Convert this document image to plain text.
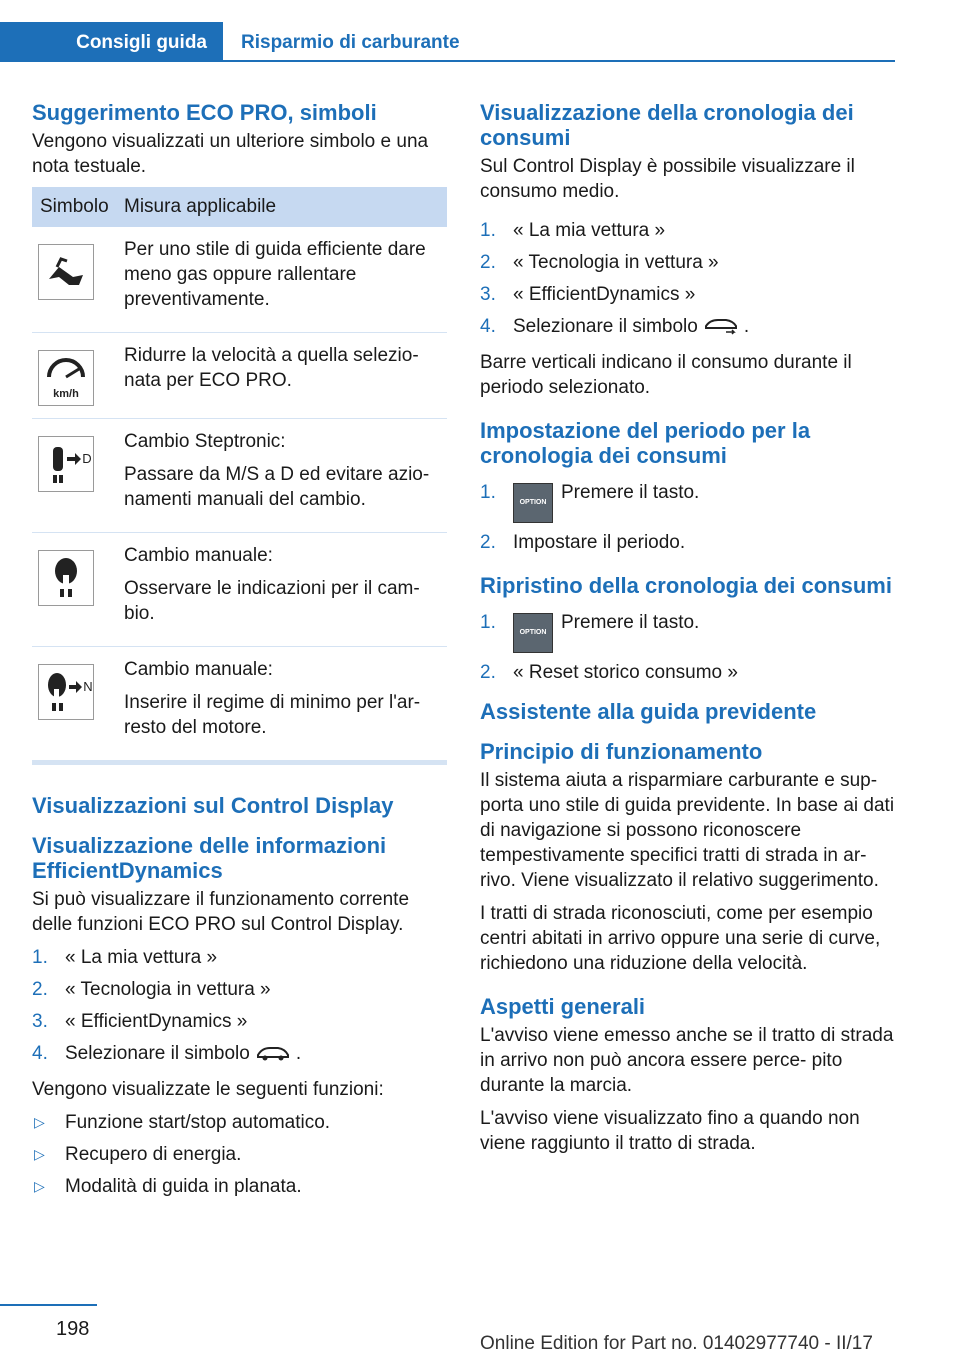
Consigli guida	Risparmio di carburante
Suggerimento ECO PRO, simboli

Vengono visualizzati un ulteriore simbolo e una nota testuale.

Simbolo	Misura applicabile

Per uno stile di guida efficiente dare meno gas oppure rallentare preventivamente.

km/h	Ridurre la velocità a quella selezio- nata per ECO PRO.

D	Cambio Steptronic:

Passare da M/S a D ed evitare azio- namenti manuali del cambio.

Cambio manuale:

Osservare le indicazioni per il cam- bio.

N	Cambio manuale:

Inserire il regime di minimo per l'ar- resto del motore.

Visualizzazioni sul Control Display
Visualizzazione delle informazioni EfficientDynamics

Si può visualizzare il funzionamento corrente delle funzioni ECO PRO sul Control Display.

1. « La mia vettura »
2. « Tecnologia in vettura »
3. « EfficientDynamics »
4. Selezionare il simbolo .

Vengono visualizzate le seguenti funzioni:

▷ Funzione start/stop automatico.
▷ Recupero di energia.
▷ Modalità di guida in planata.
Visualizzazione della cronologia dei consumi

Sul Control Display è possibile visualizzare il consumo medio.

1. « La mia vettura »
2. « Tecnologia in vettura »
3. « EfficientDynamics »
4. Selezionare il simbolo .

Barre verticali indicano il consumo durante il periodo selezionato.

Impostazione del periodo per la cronologia dei consumi
1.	OPTION Premere il tasto.
2. Impostare il periodo.
Ripristino della cronologia dei consumi
1.	OPTION Premere il tasto.
2. « Reset storico consumo »
Assistente alla guida previdente
Principio di funzionamento

Il sistema aiuta a risparmiare carburante e sup- porta uno stile di guida previdente. In base ai dati di navigazione si possono riconoscere tempestivamente specifici tratti di strada in ar- rivo. Viene visualizzato il relativo suggerimento.

I tratti di strada riconosciuti, come per esempio centri abitati in arrivo oppure una serie di curve, richiedono una riduzione della velocità.

Aspetti generali

L'avviso viene emesso anche se il tratto di strada in arrivo non può ancora essere perce- pito durante la marcia.

L'avviso viene visualizzato fino a quando non viene raggiunto il tratto di strada.

198
Online Edition for Part no. 01402977740 - II/17
